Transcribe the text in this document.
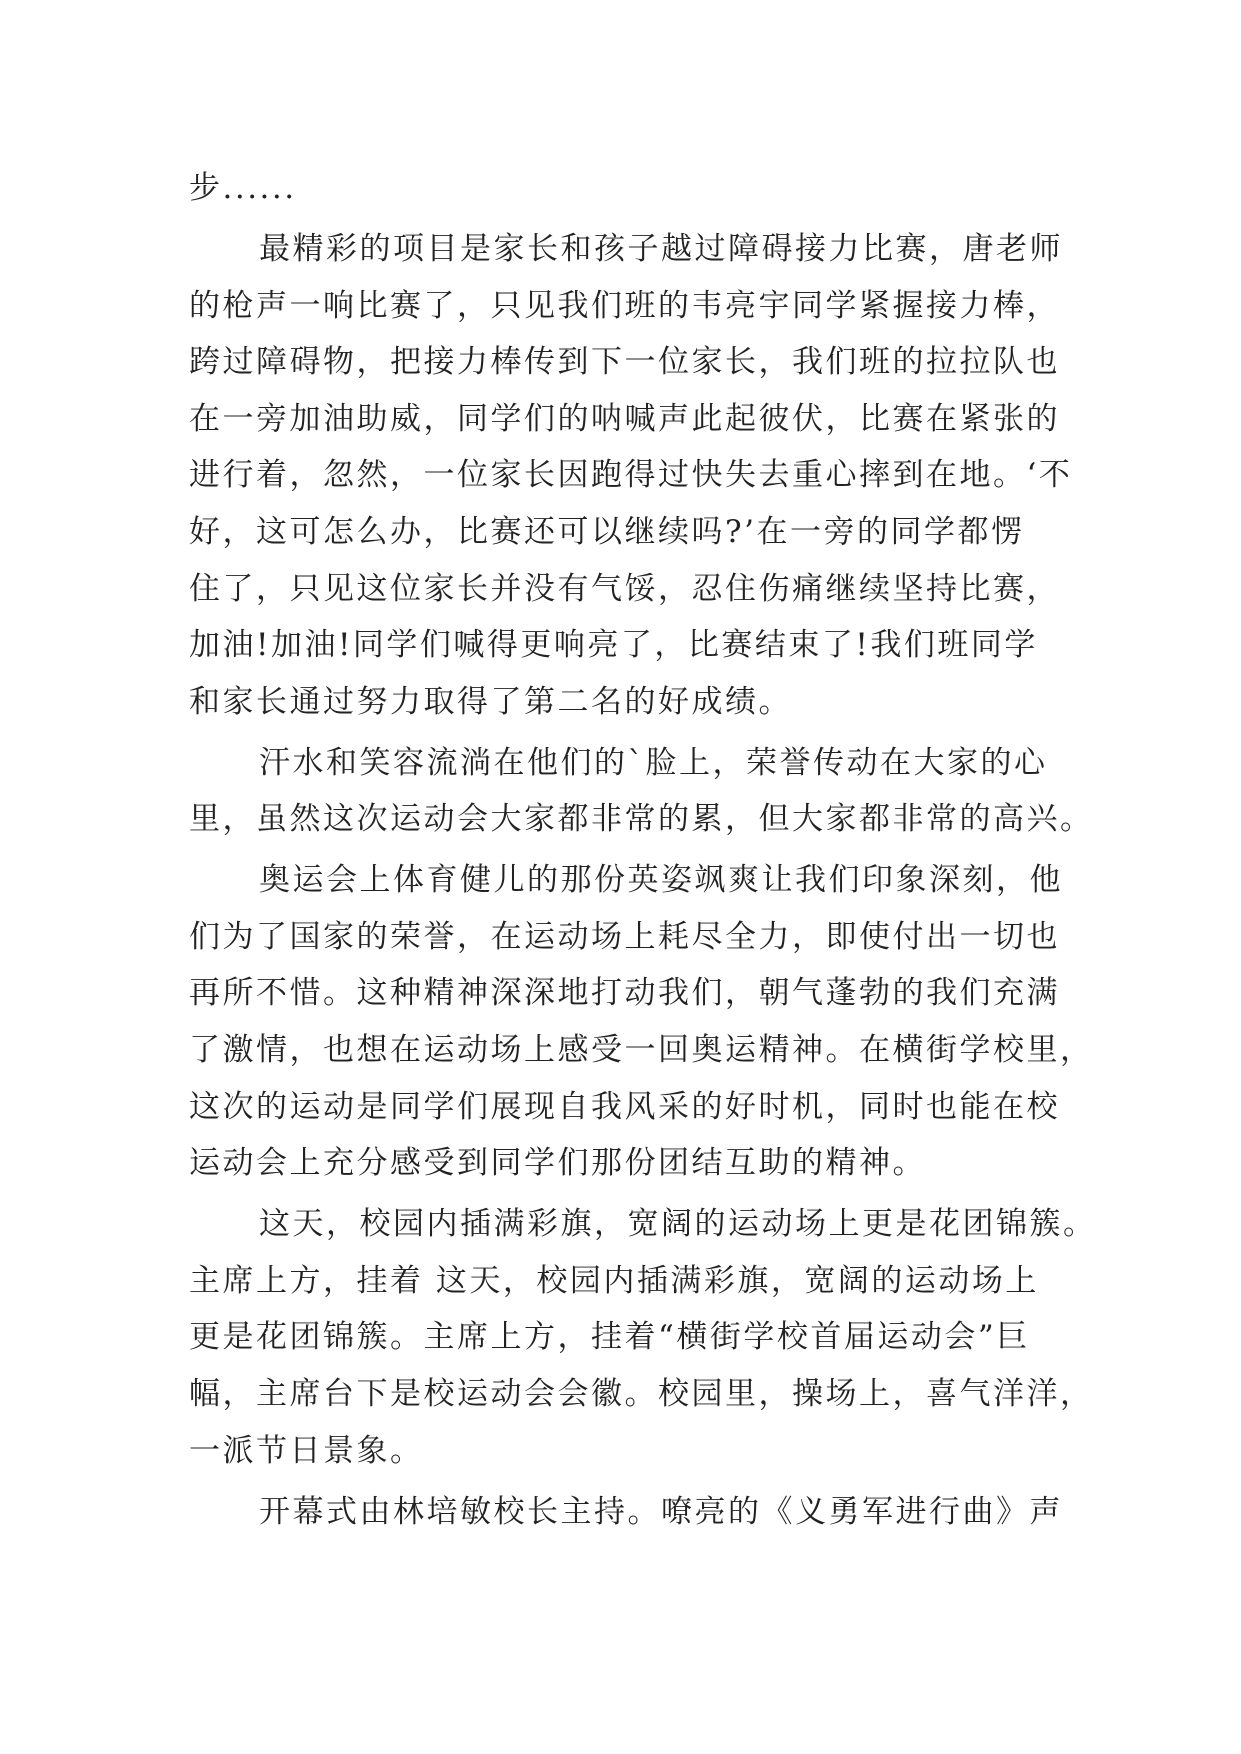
步......
最精彩的项目是家长和孩子越过障碍接力比赛，唐老师
的枪声一响比赛了，只见我们班的韦亮宇同学紧握接力棒，
跨过障碍物，把接力棒传到下一位家长，我们班的拉拉队也
在一旁加油助威，同学们的呐喊声此起彼伏，比赛在紧张的
进行着，忽然，一位家长因跑得过快失去重心摔到在地。‘不
好，这可怎么办，比赛还可以继续吗?’在一旁的同学都愣
住了，只见这位家长并没有气馁，忍住伤痛继续坚持比赛，
加油!加油!同学们喊得更响亮了，比赛结束了!我们班同学
和家长通过努力取得了第二名的好成绩。
汗水和笑容流淌在他们的`脸上，荣誉传动在大家的心
里，虽然这次运动会大家都非常的累，但大家都非常的高兴。
奥运会上体育健儿的那份英姿飒爽让我们印象深刻，他
们为了国家的荣誉，在运动场上耗尽全力，即使付出一切也
再所不惜。这种精神深深地打动我们，朝气蓬勃的我们充满
了激情，也想在运动场上感受一回奥运精神。在横街学校里，
这次的运动是同学们展现自我风采的好时机，同时也能在校
运动会上充分感受到同学们那份团结互助的精神。
这天，校园内插满彩旗，宽阔的运动场上更是花团锦簇。
主席上方，挂着 这天，校园内插满彩旗，宽阔的运动场上
更是花团锦簇。主席上方，挂着“横街学校首届运动会”巨
幅，主席台下是校运动会会徽。校园里，操场上，喜气洋洋，
一派节日景象。
开幕式由林培敏校长主持。嘹亮的《义勇军进行曲》声
